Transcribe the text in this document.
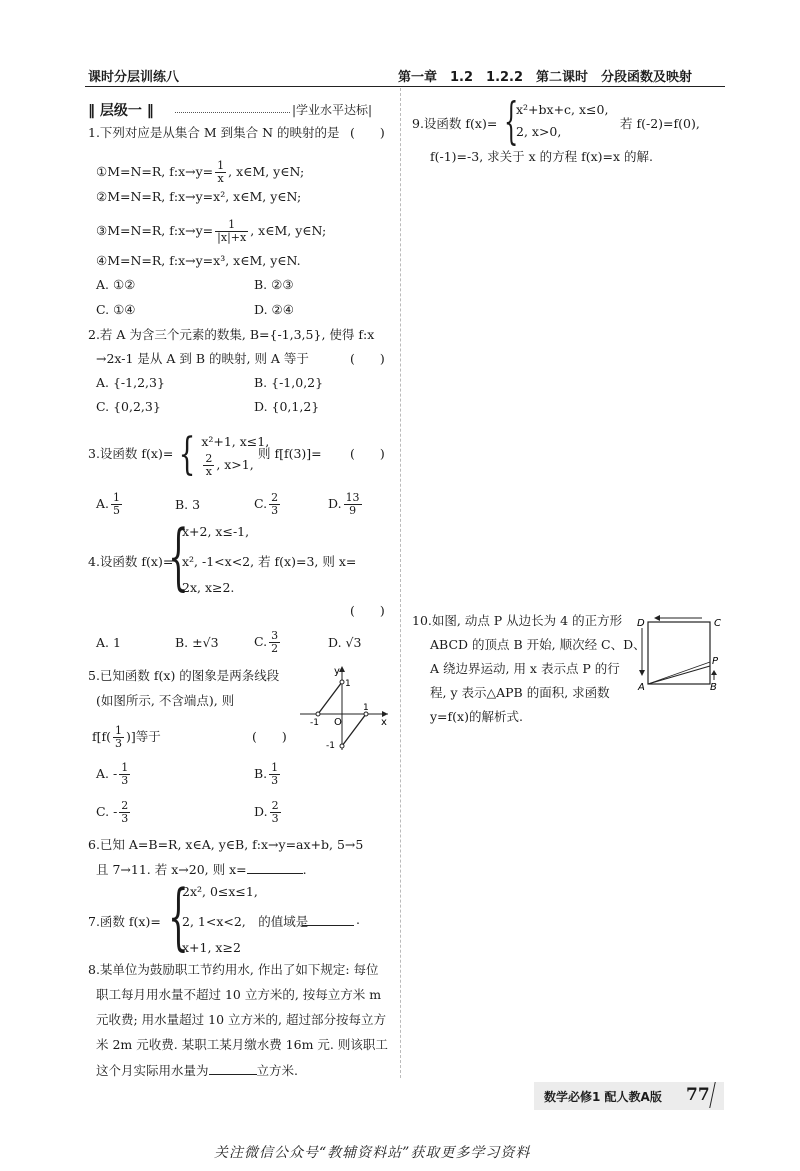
课时分层训练八	第一章　1.2　1.2.2　第二课时　分段函数及映射
‖ 层级一 ‖	|学业水平达标|
1.下列对应是从集合 M 到集合 N 的映射的是 (　　)
①M=N=R, f:x→y= $\frac{1}{x}$ , x∈M, y∈N;
②M=N=R, f:x→y=x², x∈M, y∈N;
③M=N=R, f:x→y= $\frac{1}{|x|+x}$ , x∈M, y∈N;
④M=N=R, f:x→y=x³, x∈M, y∈N.
A. ①②	B. ②③
C. ①④	D. ②④
2.若 A 为含三个元素的数集, B={-1,3,5}, 使得 f:x
→2x-1 是从 A 到 B 的映射, 则 A 等于	(　　)
A. {-1,2,3}	B. {-1,0,2}
C. {0,2,3}	D. {0,1,2}
3.设函数 f(x)= { x²+1, x≤1,
$\frac{2}{x}$ , x>1,
则 f[f(3)]= (　　)
A. $\frac{1}{5}$	B. 3	C. $\frac{2}{3}$	D. $\frac{13}{9}$
4.设函数 f(x)=
{
x+2, x≤-1,
x², -1<x<2, 若 f(x)=3, 则 x=
2x, x≥2.
(　　)
A. 1	B. ±√3	C. $\frac{3}{2}$	D. √3
5.已知函数 f(x) 的图象是两条线段
(如图所示, 不含端点), 则
$f[f( \frac{1}{3}$ )]等于	(　　)
y
x
O
1
-1
1
-1
A. - $\frac{1}{3}$	B. $\frac{1}{3}$
C. - $\frac{2}{3}$	D. $\frac{2}{3}$
6.已知 A=B=R, x∈A, y∈B, f:x→y=ax+b, 5→5
且 7→11. 若 x→20, 则 x=	.
7.函数 f(x)= {
2x², 0≤x≤1,
2, 1<x<2,　的值域是
x+1, x≥2
.
8.某单位为鼓励职工节约用水, 作出了如下规定: 每位
职工每月用水量不超过 10 立方米的, 按每立方米 m
元收费; 用水量超过 10 立方米的, 超过部分按每立方
米 2m 元收费. 某职工某月缴水费 16m 元. 则该职工
这个月实际用水量为	立方米.
9.设函数 f(x)= {
x²+bx+c, x≤0,
2, x>0,
若 f(-2)=f(0),
f(-1)=-3, 求关于 x 的方程 f(x)=x 的解.
10.如图, 动点 P 从边长为 4 的正方形
ABCD 的顶点 B 开始, 顺次经 C、D、
A 绕边界运动, 用 x 表示点 P 的行
程, y 表示△APB 的面积, 求函数
y=f(x)的解析式.
D	C
A	B
P
数学必修1 配人教A版 77
关注微信公众号“教辅资料站”获取更多学习资料
